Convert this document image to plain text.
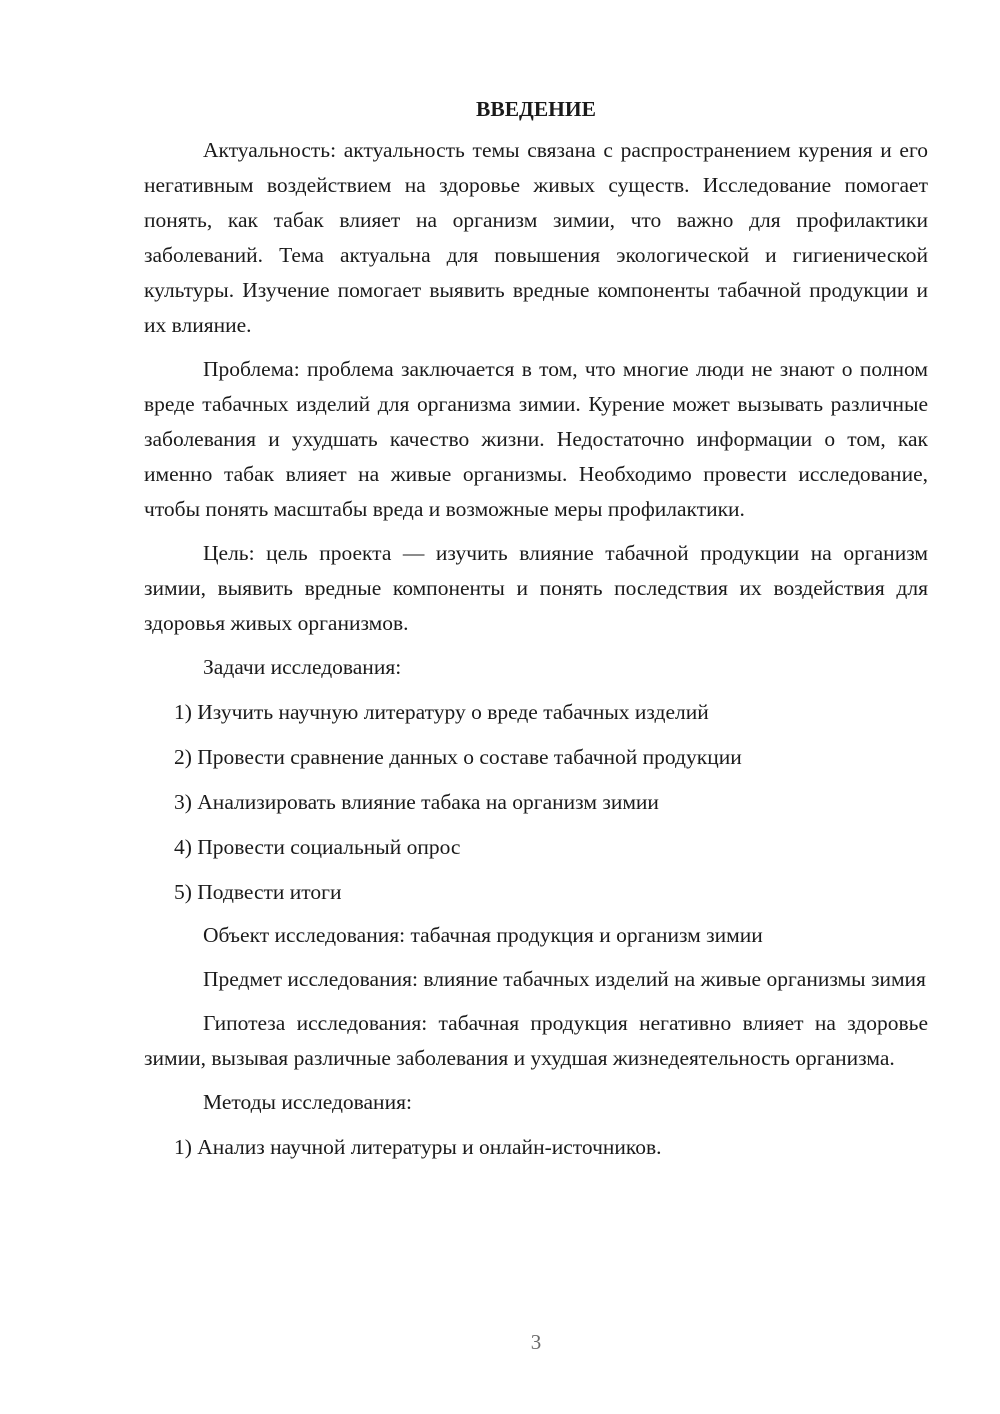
ВВЕДЕНИЕ

Актуальность: актуальность темы связана с распространением курения и его негативным воздействием на здоровье живых существ. Исследование помогает понять, как табак влияет на организм зимии, что важно для профилактики заболеваний. Тема актуальна для повышения экологической и гигиенической культуры. Изучение помогает выявить вредные компоненты табачной продукции и их влияние.

Проблема: проблема заключается в том, что многие люди не знают о полном вреде табачных изделий для организма зимии. Курение может вызывать различные заболевания и ухудшать качество жизни. Недостаточно информации о том, как именно табак влияет на живые организмы. Необходимо провести исследование, чтобы понять масштабы вреда и возможные меры профилактики.

Цель: цель проекта — изучить влияние табачной продукции на организм зимии, выявить вредные компоненты и понять последствия их воздействия для здоровья живых организмов.

Задачи исследования:
1) Изучить научную литературу о вреде табачных изделий
2) Провести сравнение данных о составе табачной продукции
3) Анализировать влияние табака на организм зимии
4) Провести социальный опрос
5) Подвести итоги

Объект исследования: табачная продукция и организм зимии

Предмет исследования: влияние табачных изделий на живые организмы зимия

Гипотеза исследования: табачная продукция негативно влияет на здоровье зимии, вызывая различные заболевания и ухудшая жизнедеятельность организма.

Методы исследования:
1) Анализ научной литературы и онлайн-источников.
3
